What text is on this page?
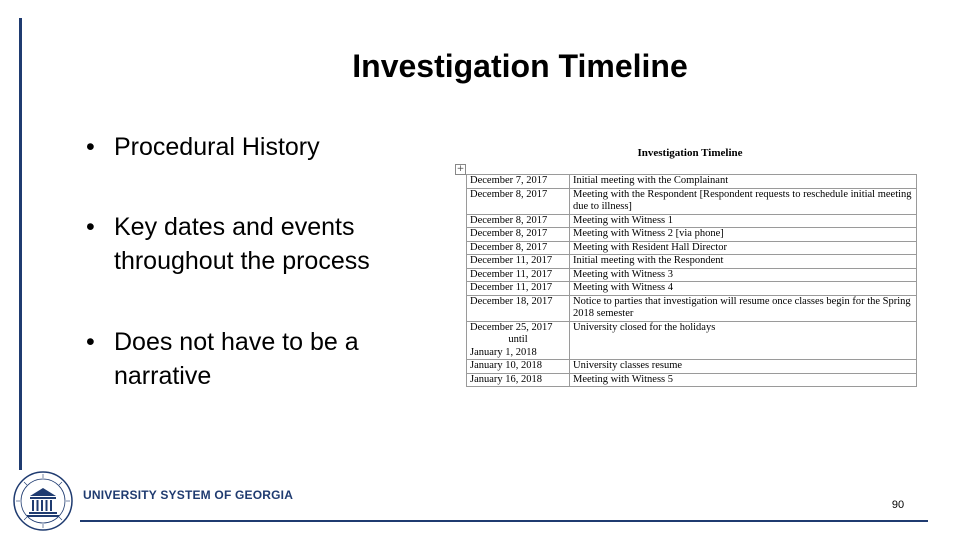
Investigation Timeline
• Procedural History
• Key dates and events throughout the process
• Does not have to be a narrative
Investigation Timeline
+
December 7, 2017	Initial meeting with the Complainant
December 8, 2017	Meeting with the Respondent [Respondent requests to reschedule initial meeting due to illness]
December 8, 2017	Meeting with Witness 1
December 8, 2017	Meeting with Witness 2 [via phone]
December 8, 2017	Meeting with Resident Hall Director
December 11, 2017	Initial meeting with the Respondent
December 11, 2017	Meeting with Witness 3
December 11, 2017	Meeting with Witness 4
December 18, 2017	Notice to parties that investigation will resume once classes begin for the Spring 2018 semester
December 25, 2017
until
January 1, 2018	University closed for the holidays
January 10, 2018	University classes resume
January 16, 2018	Meeting with Witness 5
UNIVERSITY SYSTEM OF GEORGIA
90
